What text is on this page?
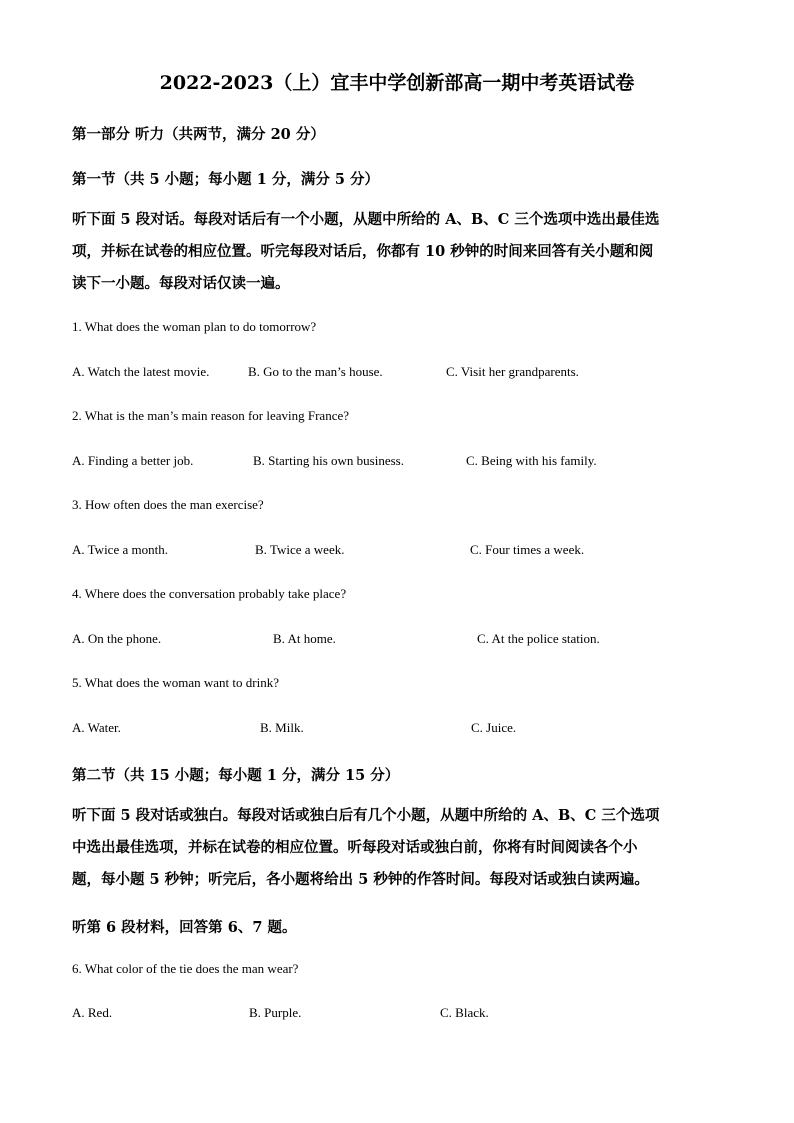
2022-2023（上）宜丰中学创新部高一期中考英语试卷
第一部分 听力（共两节，满分 20 分）
第一节（共 5 小题；每小题 1 分，满分 5 分）
听下面 5 段对话。每段对话后有一个小题，从题中所给的 A、B、C 三个选项中选出最佳选
项，并标在试卷的相应位置。听完每段对话后，你都有 10 秒钟的时间来回答有关小题和阅
读下一小题。每段对话仅读一遍。
1. What does the woman plan to do tomorrow?
A. Watch the latest movie.	B. Go to the man’s house.	C. Visit her grandparents.
2. What is the man’s main reason for leaving France?
A. Finding a better job.	B. Starting his own business.	C. Being with his family.
3. How often does the man exercise?
A. Twice a month.	B. Twice a week.	C. Four times a week.
4. Where does the conversation probably take place?
A. On the phone.	B. At home.	C. At the police station.
5. What does the woman want to drink?
A. Water.	B. Milk.	C. Juice.
第二节（共 15 小题；每小题 1 分，满分 15 分）
听下面 5 段对话或独白。每段对话或独白后有几个小题，从题中所给的 A、B、C 三个选项
中选出最佳选项，并标在试卷的相应位置。听每段对话或独白前，你将有时间阅读各个小
题，每小题 5 秒钟；听完后，各小题将给出 5 秒钟的作答时间。每段对话或独白读两遍。
听第 6 段材料，回答第 6、7 题。
6. What color of the tie does the man wear?
A. Red.	B. Purple.	C. Black.
